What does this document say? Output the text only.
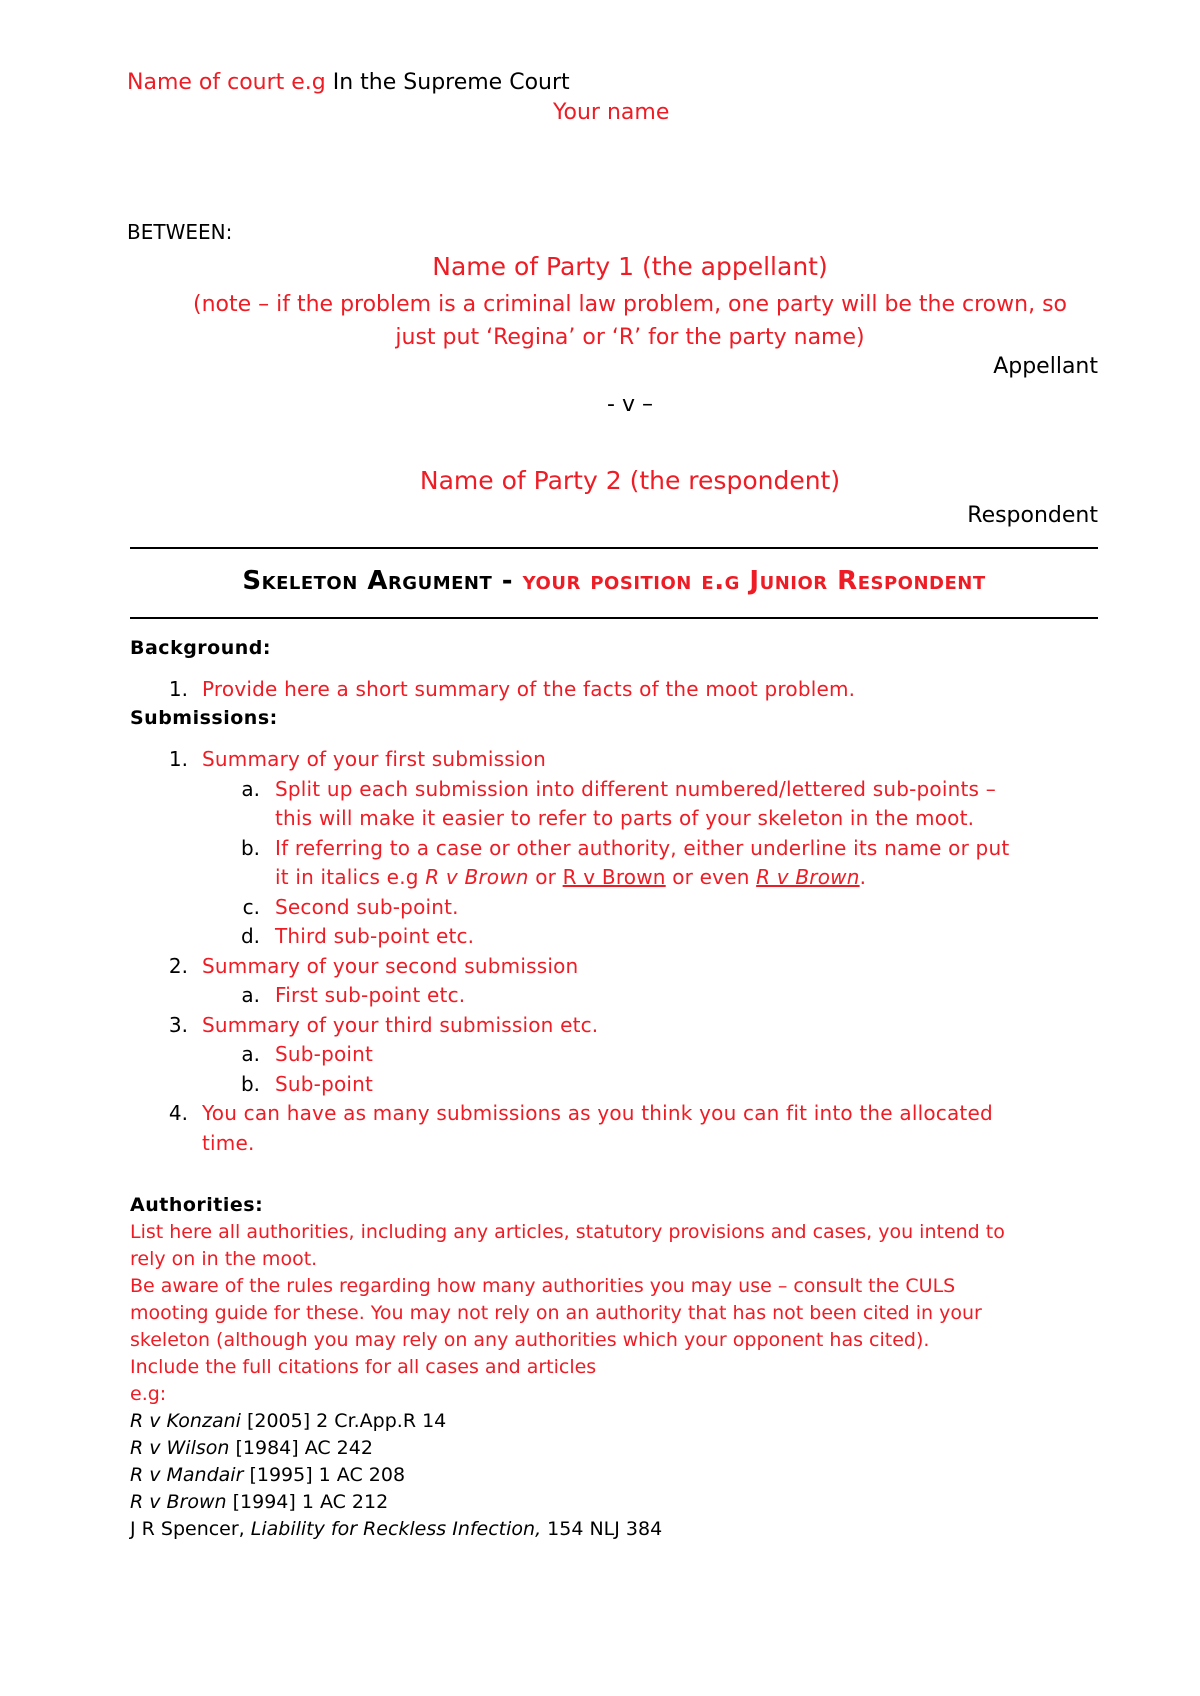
Name of court e.g In the Supreme Court
Your name
BETWEEN:
Name of Party 1 (the appellant)
(note – if the problem is a criminal law problem, one party will be the crown, so
just put ‘Regina’ or ‘R’ for the party name)
Appellant
- v –
Name of Party 2 (the respondent)
Respondent
Skeleton Argument - your position e.g Junior Respondent
Background:
1. Provide here a short summary of the facts of the moot problem.
Submissions:
1. Summary of your first submission
a. Split up each submission into different numbered/lettered sub-points –
this will make it easier to refer to parts of your skeleton in the moot.
b. If referring to a case or other authority, either underline its name or put
it in italics e.g R v Brown or R v Brown or even R v Brown.
c. Second sub-point.
d. Third sub-point etc.
2. Summary of your second submission
a. First sub-point etc.
3. Summary of your third submission etc.
a. Sub-point
b. Sub-point
4. You can have as many submissions as you think you can fit into the allocated
time.
Authorities:
List here all authorities, including any articles, statutory provisions and cases, you intend to
rely on in the moot.
Be aware of the rules regarding how many authorities you may use – consult the CULS
mooting guide for these. You may not rely on an authority that has not been cited in your
skeleton (although you may rely on any authorities which your opponent has cited).
Include the full citations for all cases and articles
e.g:
R v Konzani [2005] 2 Cr.App.R 14
R v Wilson [1984] AC 242
R v Mandair [1995] 1 AC 208
R v Brown [1994] 1 AC 212
J R Spencer, Liability for Reckless Infection, 154 NLJ 384
